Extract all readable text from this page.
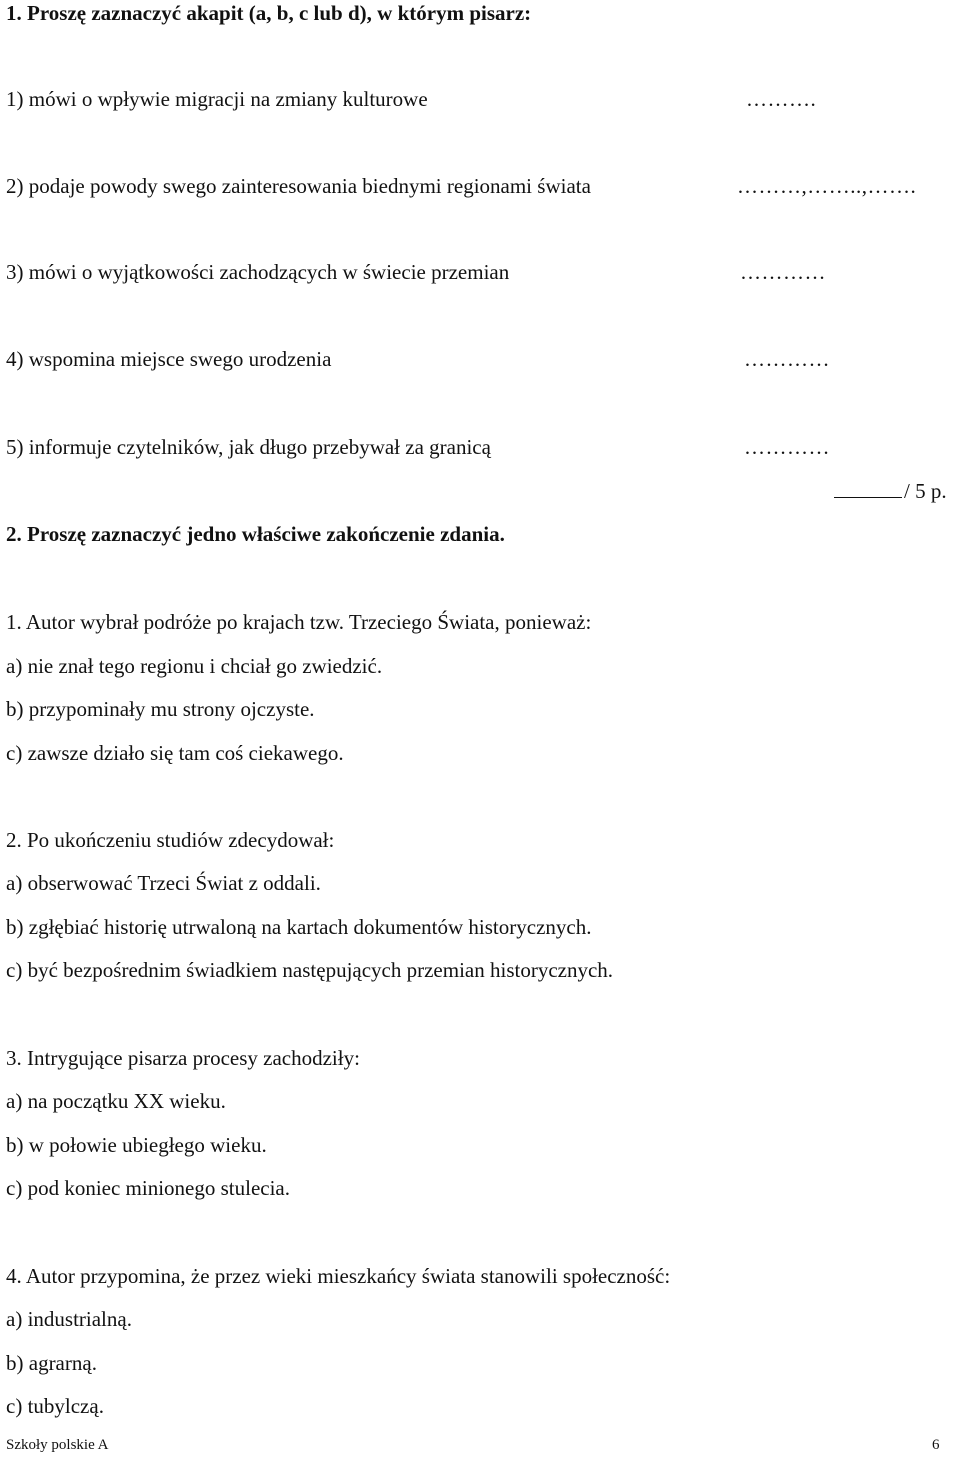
1. Proszę zaznaczyć akapit (a, b, c lub d), w którym pisarz:
1) mówi o wpływie migracji na zmiany kulturowe	……….
2) podaje powody swego zainteresowania biednymi regionami świata	………,……..,…….
3) mówi o wyjątkowości zachodzących w świecie przemian	…………
4) wspomina miejsce swego urodzenia	…………
5) informuje czytelników, jak długo przebywał za granicą	…………
/ 5 p.
2. Proszę zaznaczyć jedno właściwe zakończenie zdania.
1. Autor wybrał podróże po krajach tzw. Trzeciego Świata, ponieważ:
a) nie znał tego regionu i chciał go zwiedzić.
b) przypominały mu strony ojczyste.
c) zawsze działo się tam coś ciekawego.
2. Po ukończeniu studiów zdecydował:
a) obserwować Trzeci Świat z oddali.
b) zgłębiać historię utrwaloną na kartach dokumentów historycznych.
c) być bezpośrednim świadkiem następujących przemian historycznych.
3. Intrygujące pisarza procesy zachodziły:
a) na początku XX wieku.
b) w połowie ubiegłego wieku.
c) pod koniec minionego stulecia.
4. Autor przypomina, że przez wieki mieszkańcy świata stanowili społeczność:
a) industrialną.
b) agrarną.
c) tubylczą.
Szkoły polskie A	6
